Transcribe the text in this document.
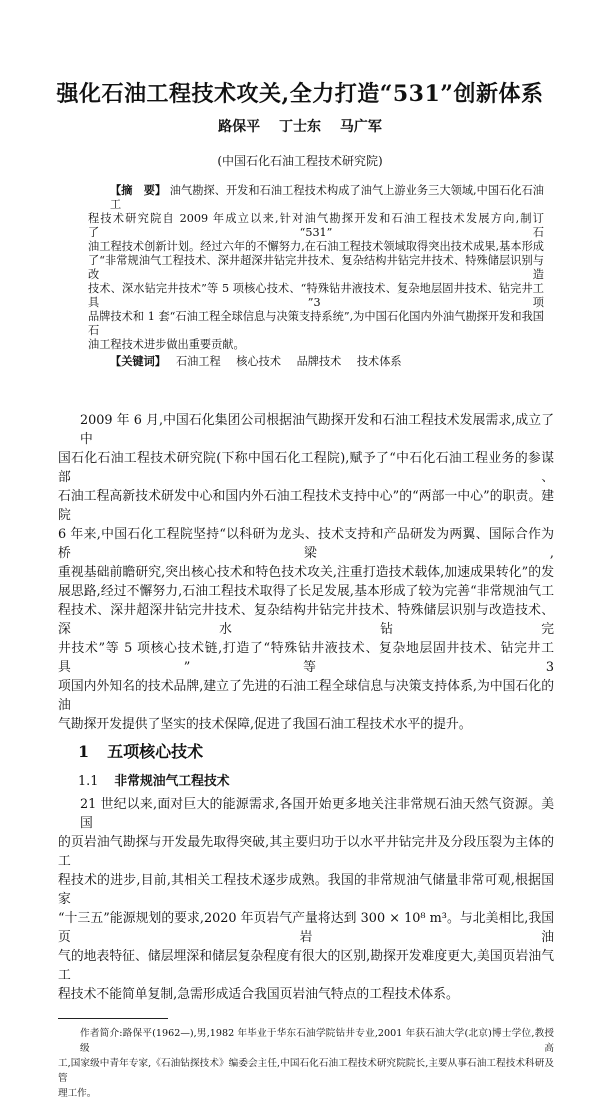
强化石油工程技术攻关,全力打造“531”创新体系
路保平 丁士东 马广军
(中国石化石油工程技术研究院)
【摘　要】 油气勘探、开发和石油工程技术构成了油气上游业务三大领域,中国石化石油工
程技术研究院自 2009 年成立以来,针对油气勘探开发和石油工程技术发展方向,制订了“531”石
油工程技术创新计划。经过六年的不懈努力,在石油工程技术领域取得突出技术成果,基本形成
了“非常规油气工程技术、深井超深井钻完井技术、复杂结构井钻完井技术、特殊储层识别与改造
技术、深水钻完井技术”等 5 项核心技术、“特殊钻井液技术、复杂地层固井技术、钻完井工具”3 项
品牌技术和 1 套“石油工程全球信息与决策支持系统”,为中国石化国内外油气勘探开发和我国石
油工程技术进步做出重要贡献。
【关键词】 石油工程 核心技术 品牌技术 技术体系
2009 年 6 月,中国石化集团公司根据油气勘探开发和石油工程技术发展需求,成立了中
国石化石油工程技术研究院(下称中国石化工程院),赋予了“中石化石油工程业务的参谋部、
石油工程高新技术研发中心和国内外石油工程技术支持中心”的“两部一中心”的职责。建院
6 年来,中国石化工程院坚持“以科研为龙头、技术支持和产品研发为两翼、国际合作为桥梁,
重视基础前瞻研究,突出核心技术和特色技术攻关,注重打造技术载体,加速成果转化”的发
展思路,经过不懈努力,石油工程技术取得了长足发展,基本形成了较为完善“非常规油气工
程技术、深井超深井钻完井技术、复杂结构井钻完井技术、特殊储层识别与改造技术、深水钻完
井技术”等 5 项核心技术链,打造了“特殊钻井液技术、复杂地层固井技术、钻完井工具”等 3
项国内外知名的技术品牌,建立了先进的石油工程全球信息与决策支持体系,为中国石化的油
气勘探开发提供了坚实的技术保障,促进了我国石油工程技术水平的提升。
1 五项核心技术
1.1 非常规油气工程技术
21 世纪以来,面对巨大的能源需求,各国开始更多地关注非常规石油天然气资源。美国
的页岩油气勘探与开发最先取得突破,其主要归功于以水平井钻完井及分段压裂为主体的工
程技术的进步,目前,其相关工程技术逐步成熟。我国的非常规油气储量非常可观,根据国家
“十三五”能源规划的要求,2020 年页岩气产量将达到 300 × 10⁸ m³。与北美相比,我国页岩油
气的地表特征、储层埋深和储层复杂程度有很大的区别,勘探开发难度更大,美国页岩油气工
程技术不能简单复制,急需形成适合我国页岩油气特点的工程技术体系。
作者简介:路保平(1962—),男,1982 年毕业于华东石油学院钻井专业,2001 年获石油大学(北京)博士学位,教授级高
工,国家级中青年专家,《石油钻探技术》编委会主任,中国石化石油工程技术研究院院长,主要从事石油工程技术科研及管
理工作。
